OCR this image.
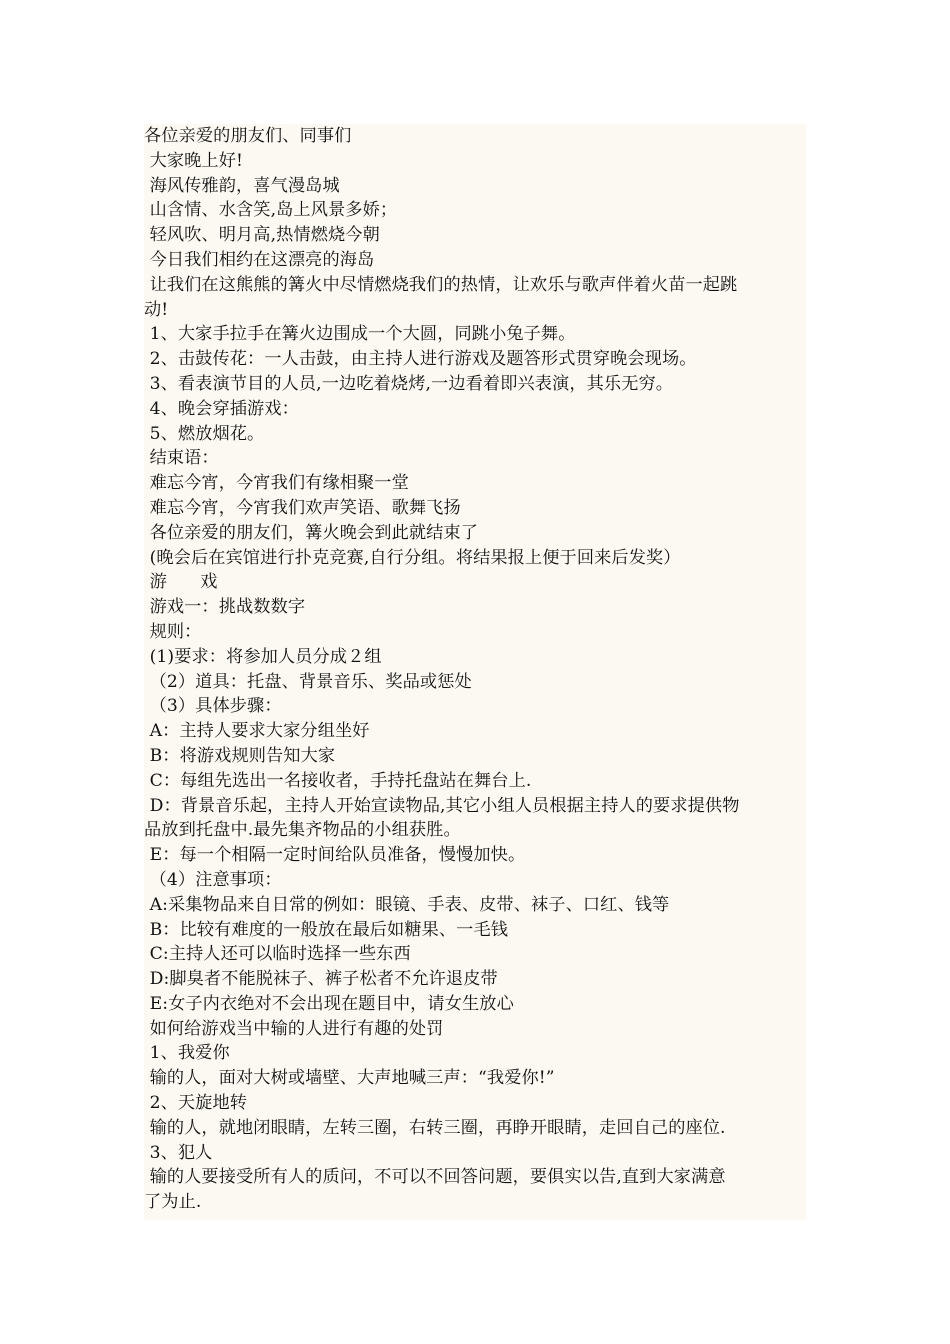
各位亲爱的朋友们、同事们
大家晚上好!
海风传雅韵，喜气漫岛城
山含情、水含笑,岛上风景多娇；
轻风吹、明月高,热情燃烧今朝
今日我们相约在这漂亮的海岛
让我们在这熊熊的篝火中尽情燃烧我们的热情，让欢乐与歌声伴着火苗一起跳
动!
1、大家手拉手在篝火边围成一个大圆，同跳小兔子舞。
2、击鼓传花：一人击鼓，由主持人进行游戏及题答形式贯穿晚会现场。
3、看表演节目的人员,一边吃着烧烤,一边看着即兴表演，其乐无穷。
4、晚会穿插游戏：
5、燃放烟花。
结束语：
难忘今宵，今宵我们有缘相聚一堂
难忘今宵，今宵我们欢声笑语、歌舞飞扬
各位亲爱的朋友们，篝火晚会到此就结束了
(晚会后在宾馆进行扑克竞赛,自行分组。将结果报上便于回来后发奖）
游      戏
游戏一：挑战数数字
规则：
(1)要求：将参加人员分成２组
（2）道具：托盘、背景音乐、奖品或惩处
（3）具体步骤：
A：主持人要求大家分组坐好
B：将游戏规则告知大家
C：每组先选出一名接收者，手持托盘站在舞台上.
D：背景音乐起，主持人开始宣读物品,其它小组人员根据主持人的要求提供物
品放到托盘中.最先集齐物品的小组获胜。
E：每一个相隔一定时间给队员准备，慢慢加快。
（4）注意事项：
A:采集物品来自日常的例如：眼镜、手表、皮带、袜子、口红、钱等
B：比较有难度的一般放在最后如糖果、一毛钱
C:主持人还可以临时选择一些东西
D:脚臭者不能脱袜子、裤子松者不允许退皮带
E:女子内衣绝对不会出现在题目中，请女生放心
如何给游戏当中输的人进行有趣的处罚
1、我爱你
输的人，面对大树或墙壁、大声地喊三声：“我爱你!”
2、天旋地转
输的人，就地闭眼睛，左转三圈，右转三圈，再睁开眼睛，走回自己的座位.
3、犯人
输的人要接受所有人的质问，不可以不回答问题，要俱实以告,直到大家满意
了为止.
